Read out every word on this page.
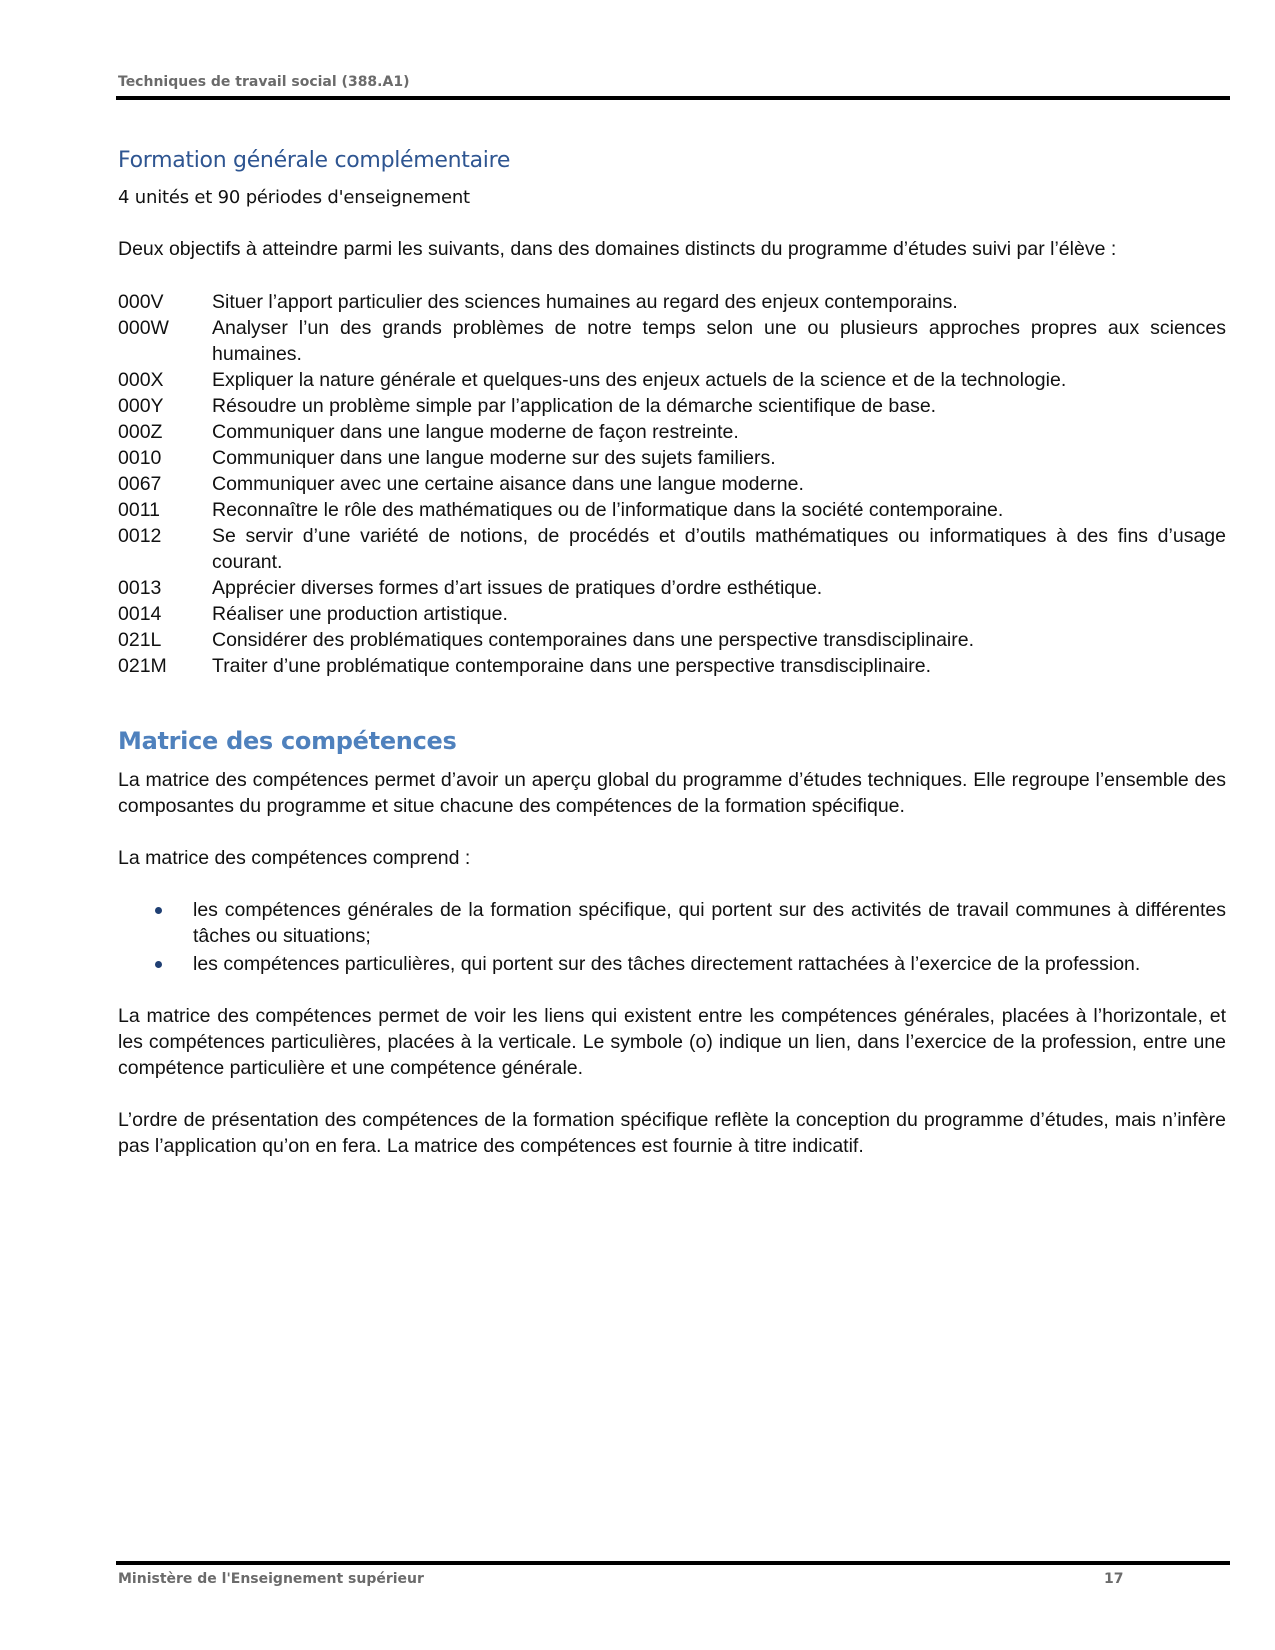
Techniques de travail social (388.A1)
Formation générale complémentaire
4 unités et 90 périodes d'enseignement

Deux objectifs à atteindre parmi les suivants, dans des domaines distincts du programme d’études suivi par l’élève :

000V	Situer l’apport particulier des sciences humaines au regard des enjeux contemporains.
000W	Analyser l’un des grands problèmes de notre temps selon une ou plusieurs approches propres aux sciences humaines.
000X	Expliquer la nature générale et quelques-uns des enjeux actuels de la science et de la technologie.
000Y	Résoudre un problème simple par l’application de la démarche scientifique de base.
000Z	Communiquer dans une langue moderne de façon restreinte.
0010	Communiquer dans une langue moderne sur des sujets familiers.
0067	Communiquer avec une certaine aisance dans une langue moderne.
0011	Reconnaître le rôle des mathématiques ou de l’informatique dans la société contemporaine.
0012	Se servir d’une variété de notions, de procédés et d’outils mathématiques ou informatiques à des fins d’usage courant.
0013	Apprécier diverses formes d’art issues de pratiques d’ordre esthétique.
0014	Réaliser une production artistique.
021L	Considérer des problématiques contemporaines dans une perspective transdisciplinaire.
021M	Traiter d’une problématique contemporaine dans une perspective transdisciplinaire.
Matrice des compétences

La matrice des compétences permet d’avoir un aperçu global du programme d’études techniques. Elle regroupe l’ensemble des composantes du programme et situe chacune des compétences de la formation spécifique.

La matrice des compétences comprend :

les compétences générales de la formation spécifique, qui portent sur des activités de travail communes à différentes tâches ou situations;
les compétences particulières, qui portent sur des tâches directement rattachées à l’exercice de la profession.

La matrice des compétences permet de voir les liens qui existent entre les compétences générales, placées à l’horizontale, et les compétences particulières, placées à la verticale. Le symbole (o) indique un lien, dans l’exercice de la profession, entre une compétence particulière et une compétence générale.

L’ordre de présentation des compétences de la formation spécifique reflète la conception du programme d’études, mais n’infère pas l’application qu’on en fera. La matrice des compétences est fournie à titre indicatif.

Ministère de l'Enseignement supérieur	17
